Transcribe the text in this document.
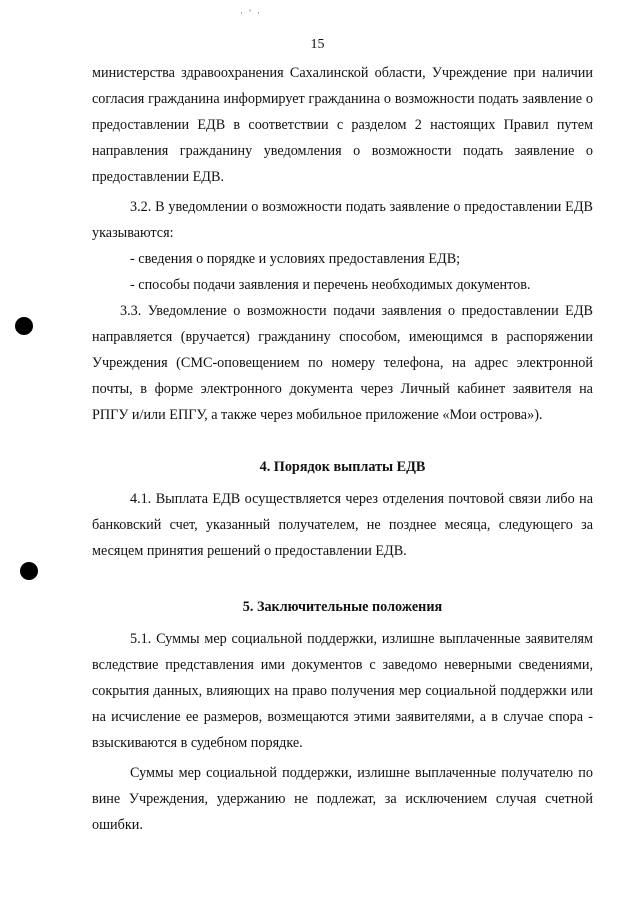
· ' ·
15

министерства здравоохранения Сахалинской области, Учреждение при наличии согласия гражданина информирует гражданина о возможности подать заявление о предоставлении ЕДВ в соответствии с разделом 2 настоящих Правил путем направления гражданину уведомления о возможности подать заявление о предоставлении ЕДВ.

3.2. В уведомлении о возможности подать заявление о предоставлении ЕДВ указываются:

- сведения о порядке и условиях предоставления ЕДВ;

- способы подачи заявления и перечень необходимых документов.

3.3. Уведомление о возможности подачи заявления о предоставлении ЕДВ направляется (вручается) гражданину способом, имеющимся в распоряжении Учреждения (СМС-оповещением по номеру телефона, на адрес электронной почты, в форме электронного документа через Личный кабинет заявителя на РПГУ и/или ЕПГУ, а также через мобильное приложение «Мои острова»).

4. Порядок выплаты ЕДВ

4.1. Выплата ЕДВ осуществляется через отделения почтовой связи либо на банковский счет, указанный получателем, не позднее месяца, следующего за месяцем принятия решений о предоставлении ЕДВ.

5. Заключительные положения

5.1. Суммы мер социальной поддержки, излишне выплаченные заявителям вследствие представления ими документов с заведомо неверными сведениями, сокрытия данных, влияющих на право получения мер социальной поддержки или на исчисление ее размеров, возмещаются этими заявителями, а в случае спора - взыскиваются в судебном порядке.

Суммы мер социальной поддержки, излишне выплаченные получателю по вине Учреждения, удержанию не подлежат, за исключением случая счетной ошибки.
